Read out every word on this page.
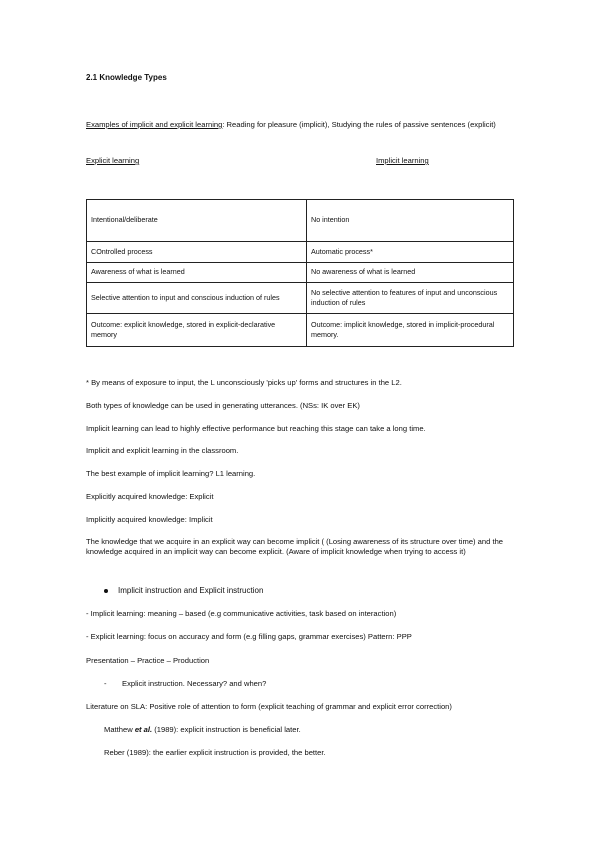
2.1 Knowledge Types
Examples of implicit and explicit learning: Reading for pleasure (implicit), Studying the rules of passive sentences (explicit)
Explicit learning	Implicit learning
Intentional/deliberate	No intention
COntrolled process	Automatic process*
Awareness of what is learned	No awareness of what is learned
Selective attention to input and conscious induction of rules	No selective attention to features of input and unconscious induction of rules
Outcome: explicit knowledge, stored in explicit-declarative memory	Outcome: implicit knowledge, stored in implicit-procedural memory.
* By means of exposure to input, the L unconsciously 'picks up' forms and structures in the L2.
Both types of knowledge can be used in generating utterances. (NSs: IK over EK)
Implicit learning can lead to highly effective performance but reaching this stage can take a long time.
Implicit and explicit learning in the classroom.
The best example of implicit learning? L1 learning.
Explicitly acquired knowledge: Explicit
Implicitly acquired knowledge: Implicit
The knowledge that we acquire in an explicit way can become implicit ( (Losing awareness of its structure over time) and the knowledge acquired in an implicit way can become explicit. (Aware of implicit knowledge when trying to access it)
Implicit instruction and Explicit instruction
- Implicit learning: meaning – based (e.g communicative activities, task based on interaction)
- Explicit learning: focus on accuracy and form (e.g filling gaps, grammar exercises) Pattern: PPP
Presentation – Practice – Production
- Explicit instruction. Necessary? and when?
Literature on SLA: Positive role of attention to form (explicit teaching of grammar and explicit error correction)
Matthew et al. (1989): explicit instruction is beneficial later.
Reber (1989): the earlier explicit instruction is provided, the better.
